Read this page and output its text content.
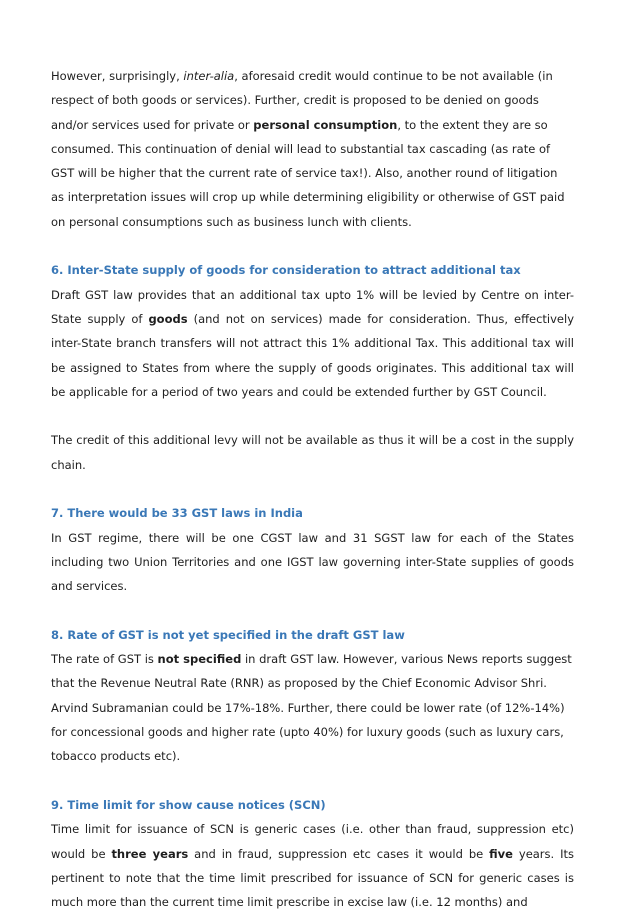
However, surprisingly, inter-alia, aforesaid credit would continue to be not available (in respect of both goods or services). Further, credit is proposed to be denied on goods and/or services used for private or personal consumption, to the extent they are so consumed. This continuation of denial will lead to substantial tax cascading (as rate of GST will be higher that the current rate of service tax!). Also, another round of litigation as interpretation issues will crop up while determining eligibility or otherwise of GST paid on personal consumptions such as business lunch with clients.

6. Inter-State supply of goods for consideration to attract additional tax

Draft GST law provides that an additional tax upto 1% will be levied by Centre on inter-State supply of goods (and not on services) made for consideration. Thus, effectively inter-State branch transfers will not attract this 1% additional Tax. This additional tax will be assigned to States from where the supply of goods originates. This additional tax will be applicable for a period of two years and could be extended further by GST Council.

The credit of this additional levy will not be available as thus it will be a cost in the supply chain.

7. There would be 33 GST laws in India

In GST regime, there will be one CGST law and 31 SGST law for each of the States including two Union Territories and one IGST law governing inter-State supplies of goods and services.

8. Rate of GST is not yet specified in the draft GST law

The rate of GST is not specified in draft GST law. However, various News reports suggest that the Revenue Neutral Rate (RNR) as proposed by the Chief Economic Advisor Shri. Arvind Subramanian could be 17%-18%. Further, there could be lower rate (of 12%-14%) for concessional goods and higher rate (upto 40%) for luxury goods (such as luxury cars, tobacco products etc).

9. Time limit for show cause notices (SCN)

Time limit for issuance of SCN is generic cases (i.e. other than fraud, suppression etc) would be three years and in fraud, suppression etc cases it would be five years. Its pertinent to note that the time limit prescribed for issuance of SCN for generic cases is much more than the current time limit prescribe in excise law (i.e. 12 months) and
